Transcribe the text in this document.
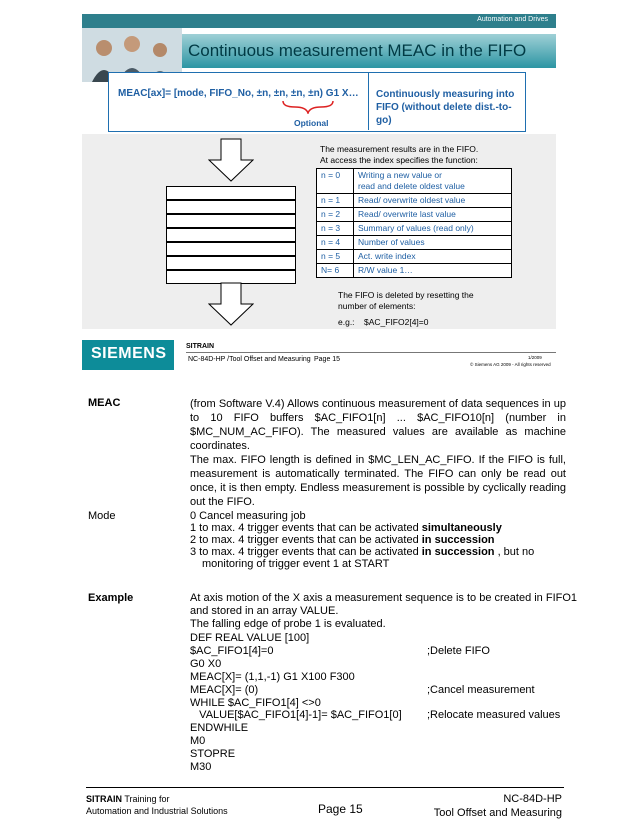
Automation and Drives
Continuous measurement MEAC in the FIFO
MEAC[ax]= [mode, FIFO_No, ±n, ±n, ±n, ±n) G1 X… Continuously measuring into FIFO (without delete dist.-to-go)
Optional
The measurement results are in the FIFO.
At access the index specifies the function:
n = 0	Writing a new value or
read and delete oldest value

n = 1	Read/ overwrite oldest value
n = 2	Read/ overwrite last value
n = 3	Summary of values (read only)
n = 4	Number of values
n = 5	Act. write index
N= 6	R/W value 1…
The FIFO is deleted by resetting the
number of elements:
e.g.:    $AC_FIFO2[4]=0
SIEMENS	SITRAIN
NC-84D-HP /Tool Offset and Measuring Page 15	1/2009
© Siemens AG 2009 - All rights reserved
MEAC	(from Software V.4) Allows continuous measurement of data sequences in up to 10 FIFO buffers $AC_FIFO1[n] ... $AC_FIFO10[n] (number in $MC_NUM_AC_FIFO). The measured values are available as machine coordinates.
The max. FIFO length is defined in $MC_LEN_AC_FIFO. If the FIFO is full, measurement is automatically terminated. The FIFO can only be read out once, it is then empty. Endless measurement is possible by cyclically reading out the FIFO.
Mode	0 Cancel measuring job
1 to max. 4 trigger events that can be activated simultaneously
2 to max. 4 trigger events that can be activated in succession
3 to max. 4 trigger events that can be activated in succession , but no
monitoring of trigger event 1 at START
Example	At axis motion of the X axis a measurement sequence is to be created in FIFO1
and stored in an array VALUE.
The falling edge of probe 1 is evaluated.
DEF REAL VALUE [100]
$AC_FIFO1[4]=0	;Delete FIFO
G0 X0
MEAC[X]= (1,1,-1) G1 X100 F300
MEAC[X]= (0)	;Cancel measurement
WHILE $AC_FIFO1[4] <>0
VALUE[$AC_FIFO1[4]-1]= $AC_FIFO1[0] ;Relocate measured values
ENDWHILE
M0
STOPRE
M30
SITRAIN Training for
Automation and Industrial Solutions	Page 15
NC-84D-HP
Tool Offset and Measuring
